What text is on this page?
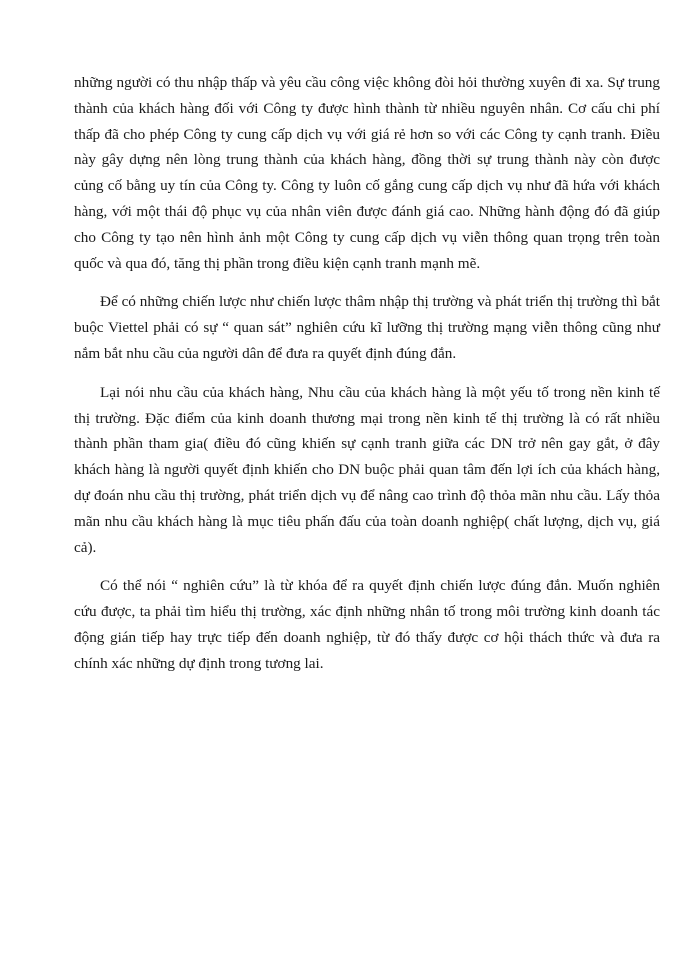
những người có thu nhập thấp và yêu cầu công việc không đòi hỏi thường xuyên đi xa. Sự trung thành của khách hàng đối với Công ty được hình thành từ nhiều nguyên nhân. Cơ cấu chi phí thấp đã cho phép Công ty cung cấp dịch vụ với giá rẻ hơn so với các Công ty cạnh tranh. Điều này gây dựng nên lòng trung thành của khách hàng, đồng thời sự trung thành này còn được củng cố bằng uy tín của Công ty. Công ty luôn cố gắng cung cấp dịch vụ như đã hứa với khách hàng, với một thái độ phục vụ của nhân viên được đánh giá cao. Những hành động đó đã giúp cho Công ty tạo nên hình ảnh một Công ty cung cấp dịch vụ viễn thông quan trọng trên toàn quốc và qua đó, tăng thị phần trong điều kiện cạnh tranh mạnh mẽ.

Để có những chiến lược như chiến lược thâm nhập thị trường và phát triển thị trường thì bắt buộc Viettel phải có sự “ quan sát” nghiên cứu kĩ lưỡng thị trường mạng viễn thông cũng như nắm bắt nhu cầu của người dân để đưa ra quyết định đúng đắn.

Lại nói nhu cầu của khách hàng, Nhu cầu của khách hàng là một yếu tố trong nền kinh tế thị trường. Đặc điểm của kinh doanh thương mại trong nền kinh tế thị trường là có rất nhiều thành phần tham gia( điều đó cũng khiến sự cạnh tranh giữa các DN trở nên gay gắt, ở đây khách hàng là người quyết định khiến cho DN buộc phải quan tâm đến lợi ích của khách hàng, dự đoán nhu cầu thị trường, phát triển dịch vụ để nâng cao trình độ thỏa mãn nhu cầu. Lấy thỏa mãn nhu cầu khách hàng là mục tiêu phấn đấu của toàn doanh nghiệp( chất lượng, dịch vụ, giá cả).

Có thể nói “ nghiên cứu” là từ khóa để ra quyết định chiến lược đúng đắn. Muốn nghiên cứu được, ta phải tìm hiểu thị trường, xác định những nhân tố trong môi trường kinh doanh tác động gián tiếp hay trực tiếp đến doanh nghiệp, từ đó thấy được cơ hội thách thức và đưa ra chính xác những dự định trong tương lai.
